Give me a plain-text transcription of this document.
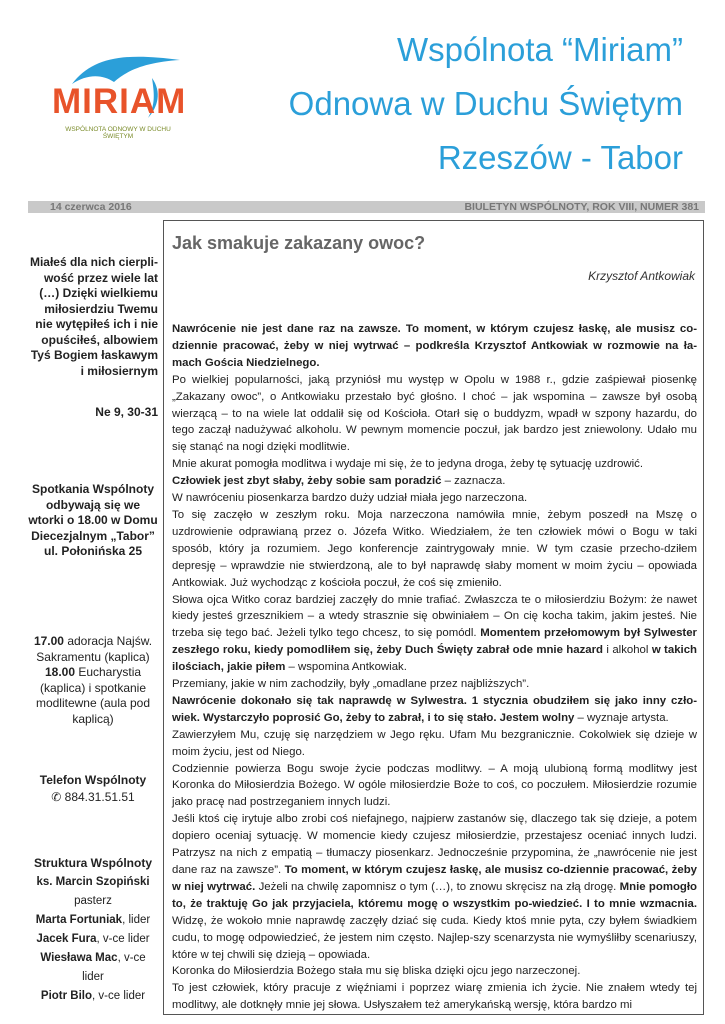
MIRIAM
WSPÓLNOTA ODNOWY W DUCHU ŚWIĘTYM
Wspólnota “Miriam”
Odnowa w Duchu Świętym
Rzeszów - Tabor
14 czerwca 2016	BIULETYN WSPÓLNOTY, ROK VIII, NUMER 381
Miałeś dla nich cierpli-wość przez wiele lat (…) Dzięki wielkiemu miłosierdziu Twemu nie wytępiłeś ich i nie opuściłeś, albowiem Tyś Bogiem łaskawym i miłosiernym
Ne 9, 30-31
Spotkania Wspólnoty odbywają się we wtorki o 18.00 w Domu Diecezjalnym „Tabor” ul. Połonińska 25
17.00 adoracja Najśw. Sakramentu (kaplica)
18.00 Eucharystia (kaplica) i spotkanie modlitewne (aula pod kaplicą)
Telefon Wspólnoty
✆ 884.31.51.51
Struktura Wspólnoty
ks. Marcin Szopiński
pasterz
Marta Fortuniak, lider
Jacek Fura, v-ce lider
Wiesława Mac, v-ce lider
Piotr Bilo, v-ce lider
Jak smakuje zakazany owoc?
Krzysztof Antkowiak

Nawrócenie nie jest dane raz na zawsze. To moment, w którym czujesz łaskę, ale musisz co-dziennie pracować, żeby w niej wytrwać – podkreśla Krzysztof Antkowiak w rozmowie na ła-mach Gościa Niedzielnego.

Po wielkiej popularności, jaką przyniósł mu występ w Opolu w 1988 r., gdzie zaśpiewał piosenkę „Zakazany owoc”, o Antkowiaku przestało być głośno. I choć – jak wspomina – zawsze był osobą wierzącą – to na wiele lat oddalił się od Kościoła. Otarł się o buddyzm, wpadł w szpony hazardu, do tego zaczął nadużywać alkoholu. W pewnym momencie poczuł, jak bardzo jest zniewolony. Udało mu się stanąć na nogi dzięki modlitwie.

Mnie akurat pomogła modlitwa i wydaje mi się, że to jedyna droga, żeby tę sytuację uzdrowić.

Człowiek jest zbyt słaby, żeby sobie sam poradzić – zaznacza.

W nawróceniu piosenkarza bardzo duży udział miała jego narzeczona.

To się zaczęło w zeszłym roku. Moja narzeczona namówiła mnie, żebym poszedł na Mszę o uzdrowienie odprawianą przez o. Józefa Witko. Wiedziałem, że ten człowiek mówi o Bogu w taki sposób, który ja rozumiem. Jego konferencje zaintrygowały mnie. W tym czasie przecho-dziłem depresję – wprawdzie nie stwierdzoną, ale to był naprawdę słaby moment w moim życiu – opowiada Antkowiak. Już wychodząc z kościoła poczuł, że coś się zmieniło.

Słowa ojca Witko coraz bardziej zaczęły do mnie trafiać. Zwłaszcza te o miłosierdziu Bożym: że nawet kiedy jesteś grzesznikiem – a wtedy strasznie się obwiniałem – On cię kocha takim, jakim jesteś. Nie trzeba się tego bać. Jeżeli tylko tego chcesz, to się pomódl. Momentem przełomowym był Sylwester zeszłego roku, kiedy pomodliłem się, żeby Duch Święty zabrał ode mnie hazard i alkohol w takich ilościach, jakie piłem – wspomina Antkowiak.

Przemiany, jakie w nim zachodziły, były „omadlane przez najbliższych”.

Nawrócenie dokonało się tak naprawdę w Sylwestra. 1 stycznia obudziłem się jako inny czło-wiek. Wystarczyło poprosić Go, żeby to zabrał, i to się stało. Jestem wolny – wyznaje artysta.

Zawierzyłem Mu, czuję się narzędziem w Jego ręku. Ufam Mu bezgranicznie. Cokolwiek się dzieje w moim życiu, jest od Niego.

Codziennie powierza Bogu swoje życie podczas modlitwy. – A moją ulubioną formą modlitwy jest Koronka do Miłosierdzia Bożego. W ogóle miłosierdzie Boże to coś, co poczułem. Miłosierdzie rozumie jako pracę nad postrzeganiem innych ludzi.

Jeśli ktoś cię irytuje albo zrobi coś niefajnego, najpierw zastanów się, dlaczego tak się dzieje, a potem dopiero oceniaj sytuację. W momencie kiedy czujesz miłosierdzie, przestajesz oceniać innych ludzi. Patrzysz na nich z empatią – tłumaczy piosenkarz. Jednocześnie przypomina, że „nawrócenie nie jest dane raz na zawsze”. To moment, w którym czujesz łaskę, ale musisz co-dziennie pracować, żeby w niej wytrwać. Jeżeli na chwilę zapomnisz o tym (…), to znowu skręcisz na złą drogę. Mnie pomogło to, że traktuję Go jak przyjaciela, któremu mogę o wszystkim po-wiedzieć. I to mnie wzmacnia. Widzę, że wokoło mnie naprawdę zaczęły dziać się cuda. Kiedy ktoś mnie pyta, czy byłem świadkiem cudu, to mogę odpowiedzieć, że jestem nim często. Najlep-szy scenarzysta nie wymyśliłby scenariuszy, które w tej chwili się dzieją – opowiada.

Koronka do Miłosierdzia Bożego stała mu się bliska dzięki ojcu jego narzeczonej.

To jest człowiek, który pracuje z więźniami i poprzez wiarę zmienia ich życie. Nie znałem wtedy tej modlitwy, ale dotknęły mnie jej słowa. Usłyszałem też amerykańską wersję, która bardzo mi
